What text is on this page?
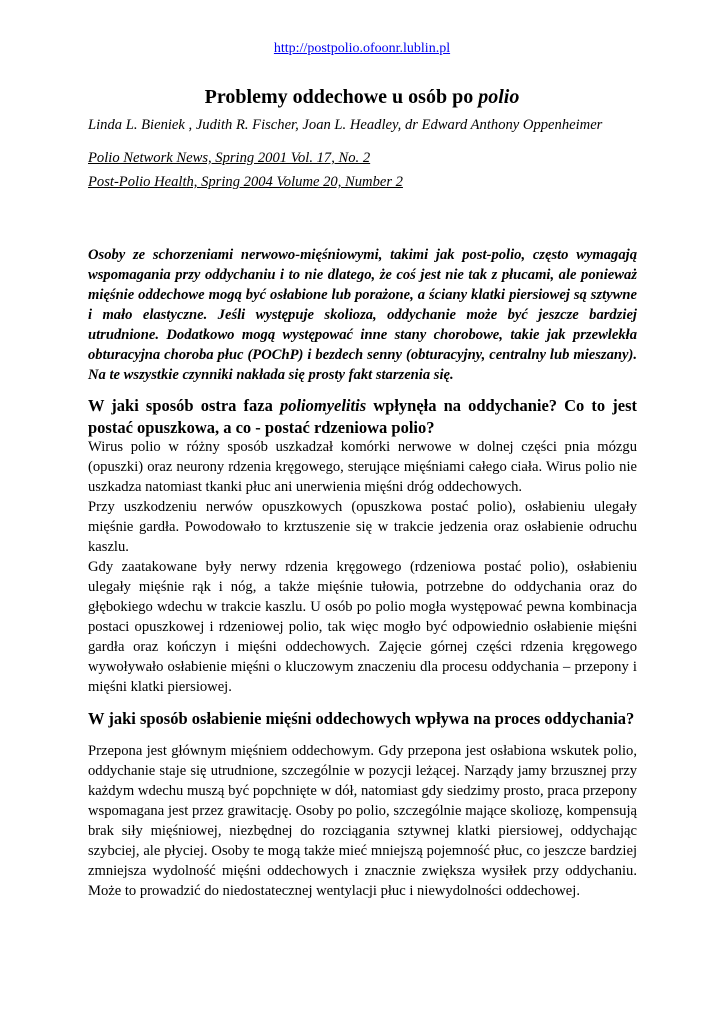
http://postpolio.ofoonr.lublin.pl
Problemy oddechowe u osób po polio
Linda L. Bieniek , Judith R. Fischer, Joan L. Headley, dr Edward Anthony Oppenheimer
Polio Network News, Spring 2001 Vol. 17, No. 2
Post-Polio Health, Spring 2004 Volume 20, Number 2

Osoby ze schorzeniami nerwowo-mięśniowymi, takimi jak post-polio, często wymagają wspomagania przy oddychaniu i to nie dlatego, że coś jest nie tak z płucami, ale ponieważ mięśnie oddechowe mogą być osłabione lub porażone, a ściany klatki piersiowej są sztywne i mało elastyczne. Jeśli występuje skolioza, oddychanie może być jeszcze bardziej utrudnione. Dodatkowo mogą występować inne stany chorobowe, takie jak przewlekła obturacyjna choroba płuc (POChP) i bezdech senny (obturacyjny, centralny lub mieszany). Na te wszystkie czynniki nakłada się prosty fakt starzenia się.

W jaki sposób ostra faza poliomyelitis wpłynęła na oddychanie? Co to jest postać opuszkowa, a co - postać rdzeniowa polio?

Wirus polio w różny sposób uszkadzał komórki nerwowe w dolnej części pnia mózgu (opuszki) oraz neurony rdzenia kręgowego, sterujące mięśniami całego ciała. Wirus polio nie uszkadza natomiast tkanki płuc ani unerwienia mięśni dróg oddechowych.

Przy uszkodzeniu nerwów opuszkowych (opuszkowa postać polio), osłabieniu ulegały mięśnie gardła. Powodowało to krztuszenie się w trakcie jedzenia oraz osłabienie odruchu kaszlu.

Gdy zaatakowane były nerwy rdzenia kręgowego (rdzeniowa postać polio), osłabieniu ulegały mięśnie rąk i nóg, a także mięśnie tułowia, potrzebne do oddychania oraz do głębokiego wdechu w trakcie kaszlu. U osób po polio mogła występować pewna kombinacja postaci opuszkowej i rdzeniowej polio, tak więc mogło być odpowiednio osłabienie mięśni gardła oraz kończyn i mięśni oddechowych. Zajęcie górnej części rdzenia kręgowego wywoływało osłabienie mięśni o kluczowym znaczeniu dla procesu oddychania – przepony i mięśni klatki piersiowej.

W jaki sposób osłabienie mięśni oddechowych wpływa na proces oddychania?

Przepona jest głównym mięśniem oddechowym. Gdy przepona jest osłabiona wskutek polio, oddychanie staje się utrudnione, szczególnie w pozycji leżącej. Narządy jamy brzusznej przy każdym wdechu muszą być popchnięte w dół, natomiast gdy siedzimy prosto, praca przepony wspomagana jest przez grawitację. Osoby po polio, szczególnie mające skoliozę, kompensują brak siły mięśniowej, niezbędnej do rozciągania sztywnej klatki piersiowej, oddychając szybciej, ale płyciej. Osoby te mogą także mieć mniejszą pojemność płuc, co jeszcze bardziej zmniejsza wydolność mięśni oddechowych i znacznie zwiększa wysiłek przy oddychaniu. Może to prowadzić do niedostatecznej wentylacji płuc i niewydolności oddechowej.
